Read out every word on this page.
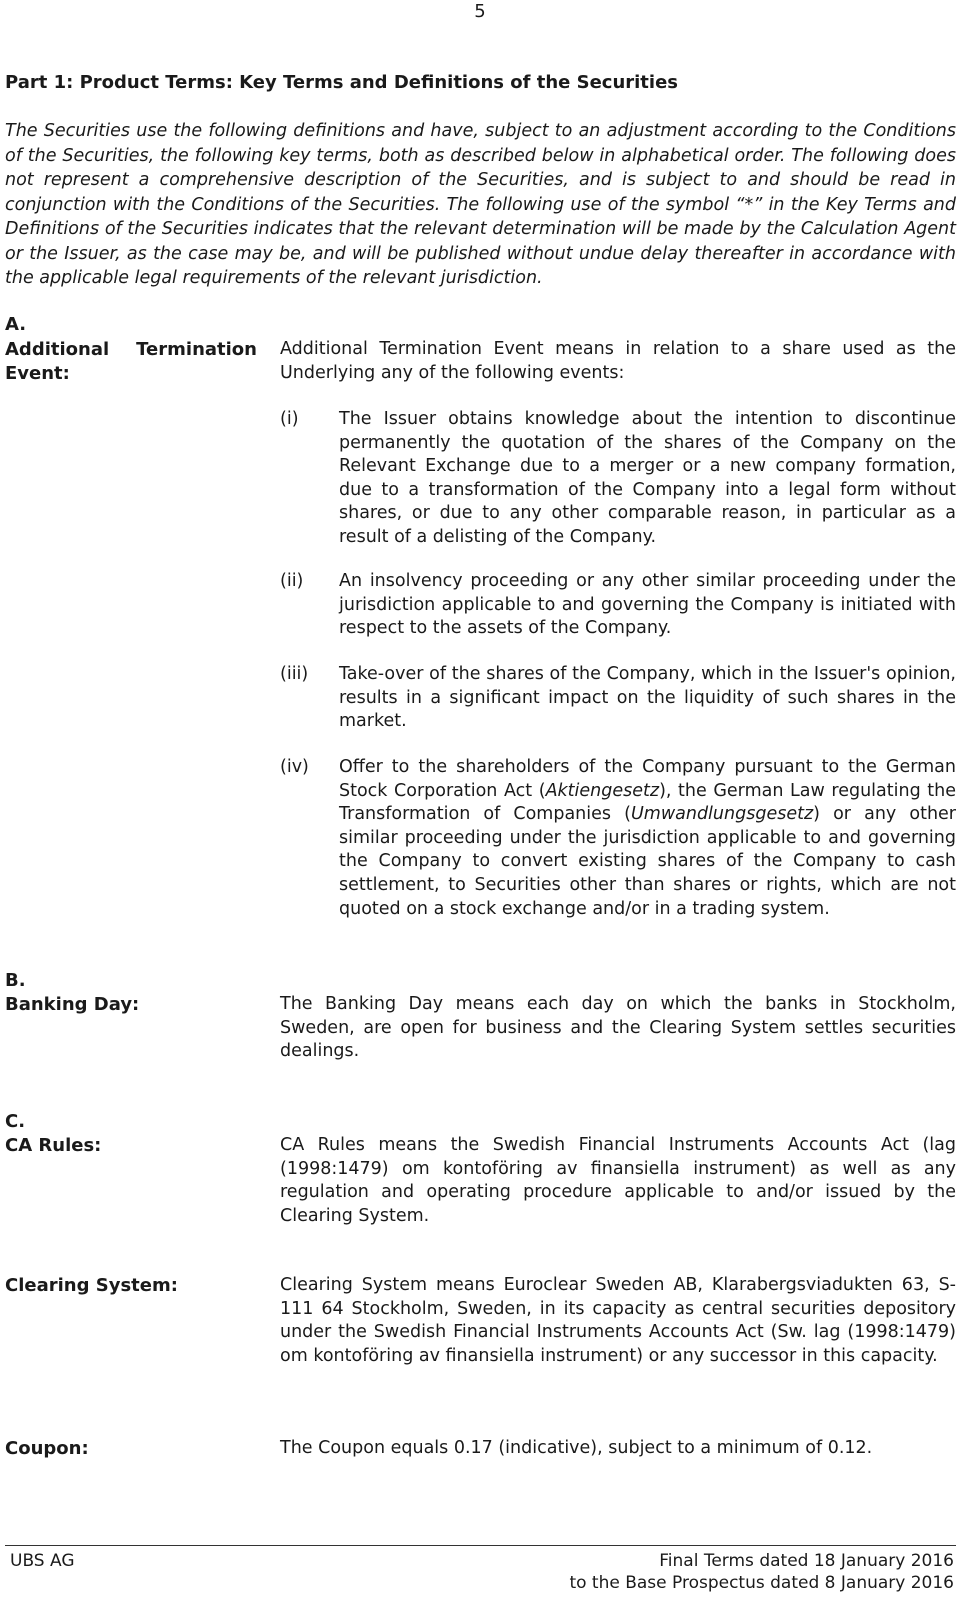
5
Part 1: Product Terms: Key Terms and Definitions of the Securities

The Securities use the following definitions and have, subject to an adjustment according to the Conditions of the Securities, the following key terms, both as described below in alphabetical order. The following does not represent a comprehensive description of the Securities, and is subject to and should be read in conjunction with the Conditions of the Securities. The following use of the symbol “*” in the Key Terms and Definitions of the Securities indicates that the relevant determination will be made by the Calculation Agent or the Issuer, as the case may be, and will be published without undue delay thereafter in accordance with the applicable legal requirements of the relevant jurisdiction.

A.
Additional Termination Event:

Additional Termination Event means in relation to a share used as the Underlying any of the following events:

(i)	The Issuer obtains knowledge about the intention to discontinue permanently the quotation of the shares of the Company on the Relevant Exchange due to a merger or a new company formation, due to a transformation of the Company into a legal form without shares, or due to any other comparable reason, in particular as a result of a delisting of the Company.

(ii)	An insolvency proceeding or any other similar proceeding under the jurisdiction applicable to and governing the Company is initiated with respect to the assets of the Company.

(iii)	Take-over of the shares of the Company, which in the Issuer's opinion, results in a significant impact on the liquidity of such shares in the market.

(iv)	Offer to the shareholders of the Company pursuant to the German Stock Corporation Act (Aktiengesetz), the German Law regulating the Transformation of Companies (Umwandlungsgesetz) or any other similar proceeding under the jurisdiction applicable to and governing the Company to convert existing shares of the Company to cash settlement, to Securities other than shares or rights, which are not quoted on a stock exchange and/or in a trading system.

B.
Banking Day:	The Banking Day means each day on which the banks in Stockholm, Sweden, are open for business and the Clearing System settles securities dealings.

C.
CA Rules:	CA Rules means the Swedish Financial Instruments Accounts Act (lag (1998:1479) om kontoföring av finansiella instrument) as well as any regulation and operating procedure applicable to and/or issued by the Clearing System.

Clearing System:	Clearing System means Euroclear Sweden AB, Klarabergsviadukten 63, S-111 64 Stockholm, Sweden, in its capacity as central securities depository under the Swedish Financial Instruments Accounts Act (Sw. lag (1998:1479) om kontoföring av finansiella instrument) or any successor in this capacity.

Coupon:	The Coupon equals 0.17 (indicative), subject to a minimum of 0.12.

UBS AG	Final Terms dated 18 January 2016
to the Base Prospectus dated 8 January 2016
